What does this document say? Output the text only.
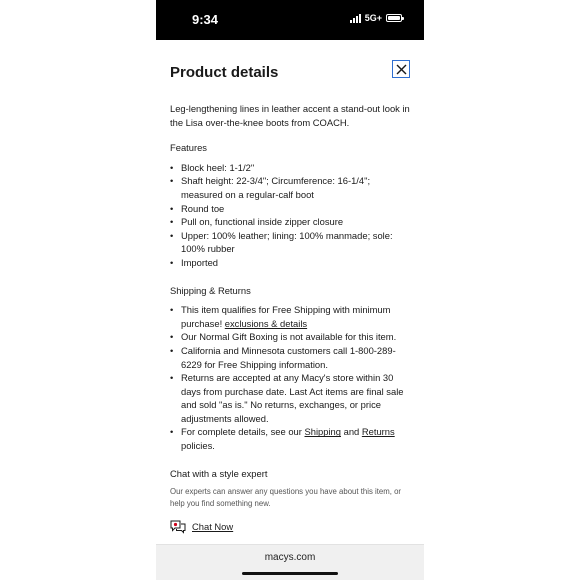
9:34	5G+
Product details

Leg-lengthening lines in leather accent a stand-out look in the Lisa over-the-knee boots from COACH.

Features
• Block heel: 1-1/2"
• Shaft height: 22-3/4"; Circumference: 16-1/4"; measured on a regular-calf boot
• Round toe
• Pull on, functional inside zipper closure
• Upper: 100% leather; lining: 100% manmade; sole: 100% rubber
• Imported
Shipping & Returns
• This item qualifies for Free Shipping with minimum purchase! exclusions & details
• Our Normal Gift Boxing is not available for this item.
• California and Minnesota customers call 1-800-289-6229 for Free Shipping information.
• Returns are accepted at any Macy's store within 30 days from purchase date. Last Act items are final sale and sold "as is." No returns, exchanges, or price adjustments allowed.
• For complete details, see our Shipping and Returns policies.
Chat with a style expert

Our experts can answer any questions you have about this item, or help you find something new.

Chat Now
macys.com
